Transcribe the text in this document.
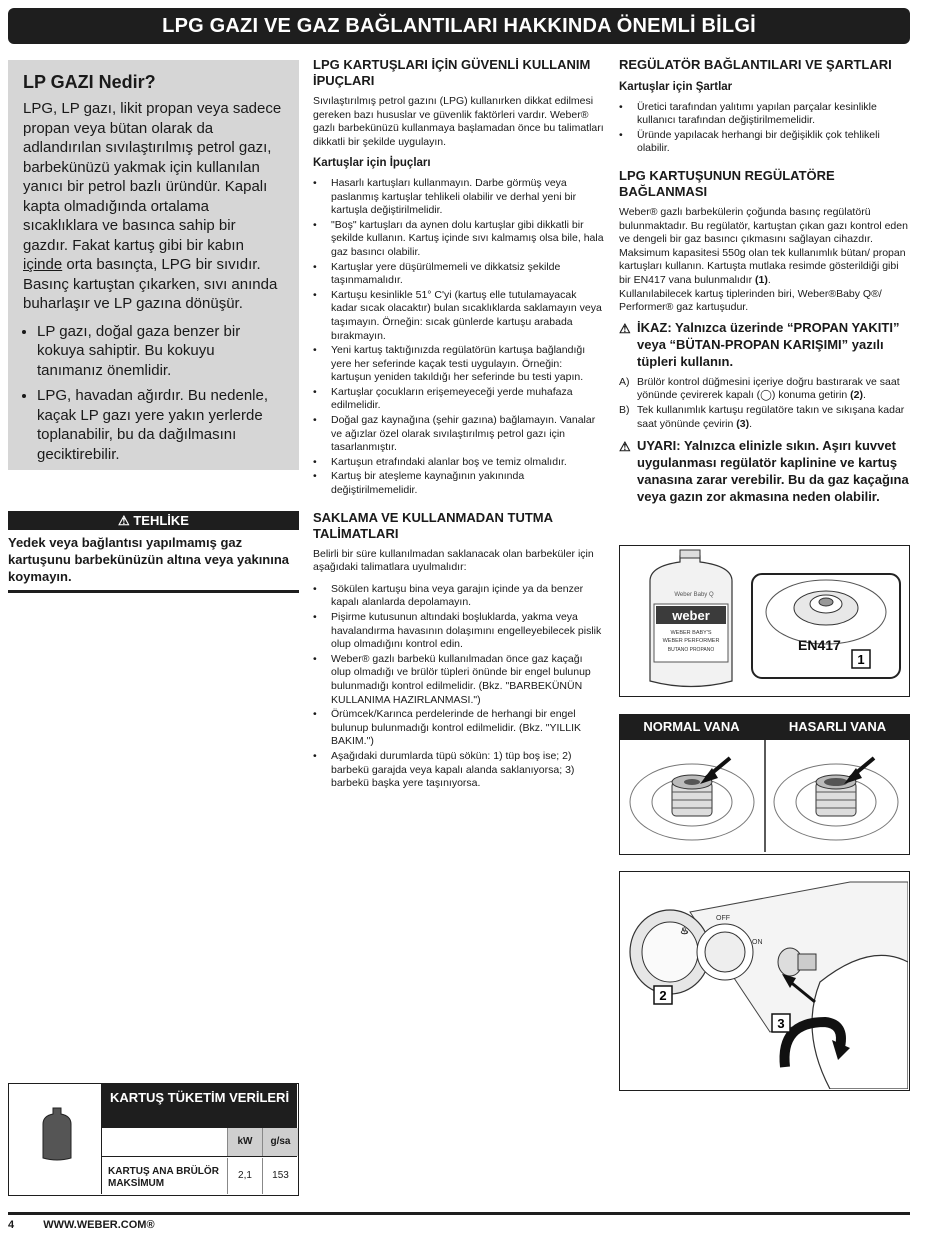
LPG GAZI VE GAZ BAĞLANTILARI HAKKINDA ÖNEMLİ BİLGİ
LP GAZI Nedir?

LPG, LP gazı, likit propan veya sadece propan veya bütan olarak da adlandırılan sıvılaştırılmış petrol gazı, barbekünüzü yakmak için kullanılan yanıcı bir petrol bazlı üründür. Kapalı kapta olmadığında ortalama sıcaklıklara ve basınca sahip bir gazdır. Fakat kartuş gibi bir kabın içinde orta basınçta, LPG bir sıvıdır. Basınç kartuştan çıkarken, sıvı anında buharlaşır ve LP gazına dönüşür.

• LP gazı, doğal gaza benzer bir kokuya sahiptir. Bu kokuyu tanımanız önemlidir.
• LPG, havadan ağırdır. Bu nedenle, kaçak LP gazı yere yakın yerlerde toplanabilir, bu da dağılmasını geciktirebilir.
⚠ TEHLİKE
Yedek veya bağlantısı yapılmamış gaz kartuşunu barbekünüzün altına veya yakınına koymayın.
LPG KARTUŞLARI İÇİN GÜVENLİ KULLANIM İPUÇLARI

Sıvılaştırılmış petrol gazını (LPG) kullanırken dikkat edilmesi gereken bazı hususlar ve güvenlik faktörleri vardır. Weber® gazlı barbekünüzü kullanmaya başlamadan önce bu talimatları dikkatli bir şekilde uygulayın.

Kartuşlar için İpuçları
• Hasarlı kartuşları kullanmayın. Darbe görmüş veya paslanmış kartuşlar tehlikeli olabilir ve derhal yeni bir kartuşla değiştirilmelidir.
• "Boş" kartuşları da aynen dolu kartuşlar gibi dikkatli bir şekilde kullanın. Kartuş içinde sıvı kalmamış olsa bile, hala gaz basıncı olabilir.
• Kartuşlar yere düşürülmemeli ve dikkatsiz şekilde taşınmamalıdır.
• Kartuşu kesinlikle 51° C'yi (kartuş elle tutulamayacak kadar sıcak olacaktır) bulan sıcaklıklarda saklamayın veya taşımayın. Örneğin: sıcak günlerde kartuşu arabada bırakmayın.
• Yeni kartuş taktığınızda regülatörün kartuşa bağlandığı yere her seferinde kaçak testi uygulayın. Örneğin: kartuşun yeniden takıldığı her seferinde bu testi yapın.
• Kartuşlar çocukların erişemeyeceği yerde muhafaza edilmelidir.
• Doğal gaz kaynağına (şehir gazına) bağlamayın. Vanalar ve ağızlar özel olarak sıvılaştırılmış petrol gazı için tasarlanmıştır.
• Kartuşun etrafındaki alanlar boş ve temiz olmalıdır.
• Kartuş bir ateşleme kaynağının yakınında değiştirilmemelidir.
SAKLAMA VE KULLANMADAN TUTMA TALİMATLARI

Belirli bir süre kullanılmadan saklanacak olan barbeküler için aşağıdaki talimatlara uyulmalıdır:

• Sökülen kartuşu bina veya garajın içinde ya da benzer kapalı alanlarda depolamayın.
• Pişirme kutusunun altındaki boşluklarda, yakma veya havalandırma havasının dolaşımını engelleyebilecek pislik olup olmadığını kontrol edin.
• Weber® gazlı barbekü kullanılmadan önce gaz kaçağı olup olmadığı ve brülör tüpleri önünde bir engel bulunup bulunmadığı kontrol edilmelidir. (Bkz. "BARBEKÜNÜN KULLANIMA HAZIRLANMASI.")
• Örümcek/Karınca perdelerinde de herhangi bir engel bulunup bulunmadığı kontrol edilmelidir. (Bkz. "YILLIK BAKIM.")
• Aşağıdaki durumlarda tüpü sökün: 1) tüp boş ise; 2) barbekü garajda veya kapalı alanda saklanıyorsa; 3) barbekü başka yere taşınıyorsa.
REGÜLATÖR BAĞLANTILARI VE ŞARTLARI
Kartuşlar için Şartlar
• Üretici tarafından yalıtımı yapılan parçalar kesinlikle kullanıcı tarafından değiştirilmemelidir.
• Üründe yapılacak herhangi bir değişiklik çok tehlikeli olabilir.
LPG KARTUŞUNUN REGÜLATÖRE BAĞLANMASI

Weber® gazlı barbekülerin çoğunda basınç regülatörü bulunmaktadır. Bu regülatör, kartuştan çıkan gazı kontrol eden ve dengeli bir gaz basıncı çıkmasını sağlayan cihazdır.

Maksimum kapasitesi 550g olan tek kullanımlık bütan/ propan kartuşları kullanın. Kartuşta mutlaka resimde gösterildiği gibi bir EN417 vana bulunmalıdır (1).

Kullanılabilecek kartuş tiplerinden biri, Weber®Baby Q®/ Performer® gaz kartuşudur.

⚠ İKAZ: Yalnızca üzerinde “PROPAN YAKITI” veya “BÜTAN-PROPAN KARIŞIMI” yazılı tüpleri kullanın.
A) Brülör kontrol düğmesini içeriye doğru bastırarak ve saat yönünde çevirerek kapalı (◯) konuma getirin (2).
B) Tek kullanımlık kartuşu regülatöre takın ve sıkışana kadar saat yönünde çevirin (3).
⚠ UYARI: Yalnızca elinizle sıkın. Aşırı kuvvet uygulanması regülatör kaplinine ve kartuş vanasına zarar verebilir. Bu da gaz kaçağına veya gazın zor akmasına neden olabilir.
weber
Weber Baby Q
WEBER BABY'S
WEBER PERFORMER
BUTANO PROPANO	EN417
1
NORMAL VANA	HASARLI VANA
♨
OFF
ON
2
3
KARTUŞ TÜKETİM VERİLERİ
kW	g/sa
KARTUŞ ANA BRÜLÖR MAKSİMUM
2,1	153
4	WWW.WEBER.COM®
